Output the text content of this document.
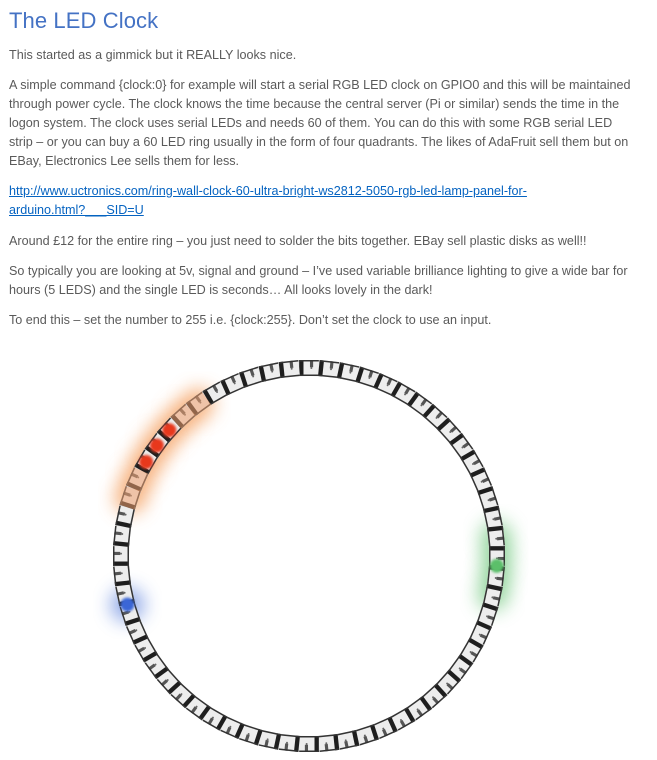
The LED Clock

This started as a gimmick but it REALLY looks nice.

A simple command {clock:0} for example will start a serial RGB LED clock on GPIO0 and this will be maintained through power cycle. The clock knows the time because the central server (Pi or similar) sends the time in the logon system. The clock uses serial LEDs and needs 60 of them. You can do this with some RGB serial LED strip – or you can buy a 60 LED ring usually in the form of four quadrants. The likes of AdaFruit sell them but on EBay, Electronics Lee sells them for less.

http://www.uctronics.com/ring-wall-clock-60-ultra-bright-ws2812-5050-rgb-led-lamp-panel-for-
arduino.html?___SID=U

Around £12 for the entire ring – you just need to solder the bits together. EBay sell plastic disks as well!!

So typically you are looking at 5v, signal and ground – I’ve used variable brilliance lighting to give a wide bar for hours (5 LEDS) and the single LED is seconds… All looks lovely in the dark!

To end this – set the number to 255 i.e. {clock:255}. Don’t set the clock to use an input.
